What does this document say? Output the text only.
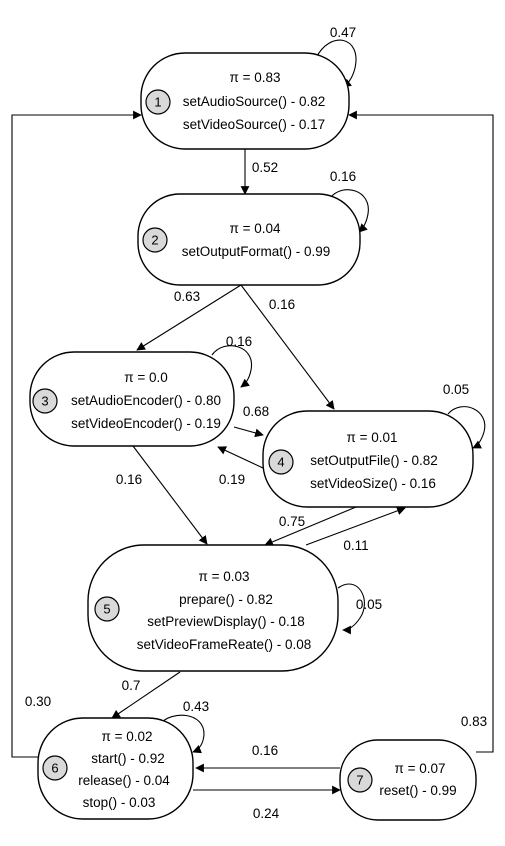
0.47
0.52
0.16
0.63
0.16
0.16
0.68
0.19
0.05
0.16
0.75
0.11
0.05
0.7
0.43
0.30
0.24
0.16
0.83
1
π = 0.83
setAudioSource() - 0.82
setVideoSource() - 0.17
2
π = 0.04
setOutputFormat() - 0.99
3
π = 0.0
setAudioEncoder() - 0.80
setVideoEncoder() - 0.19
4
π = 0.01
setOutputFile() - 0.82
setVideoSize() - 0.16
5
π = 0.03
prepare() - 0.82
setPreviewDisplay() - 0.18
setVideoFrameReate() - 0.08
6
π = 0.02
start() - 0.92
release() - 0.04
stop() - 0.03
7
π = 0.07
reset() - 0.99
